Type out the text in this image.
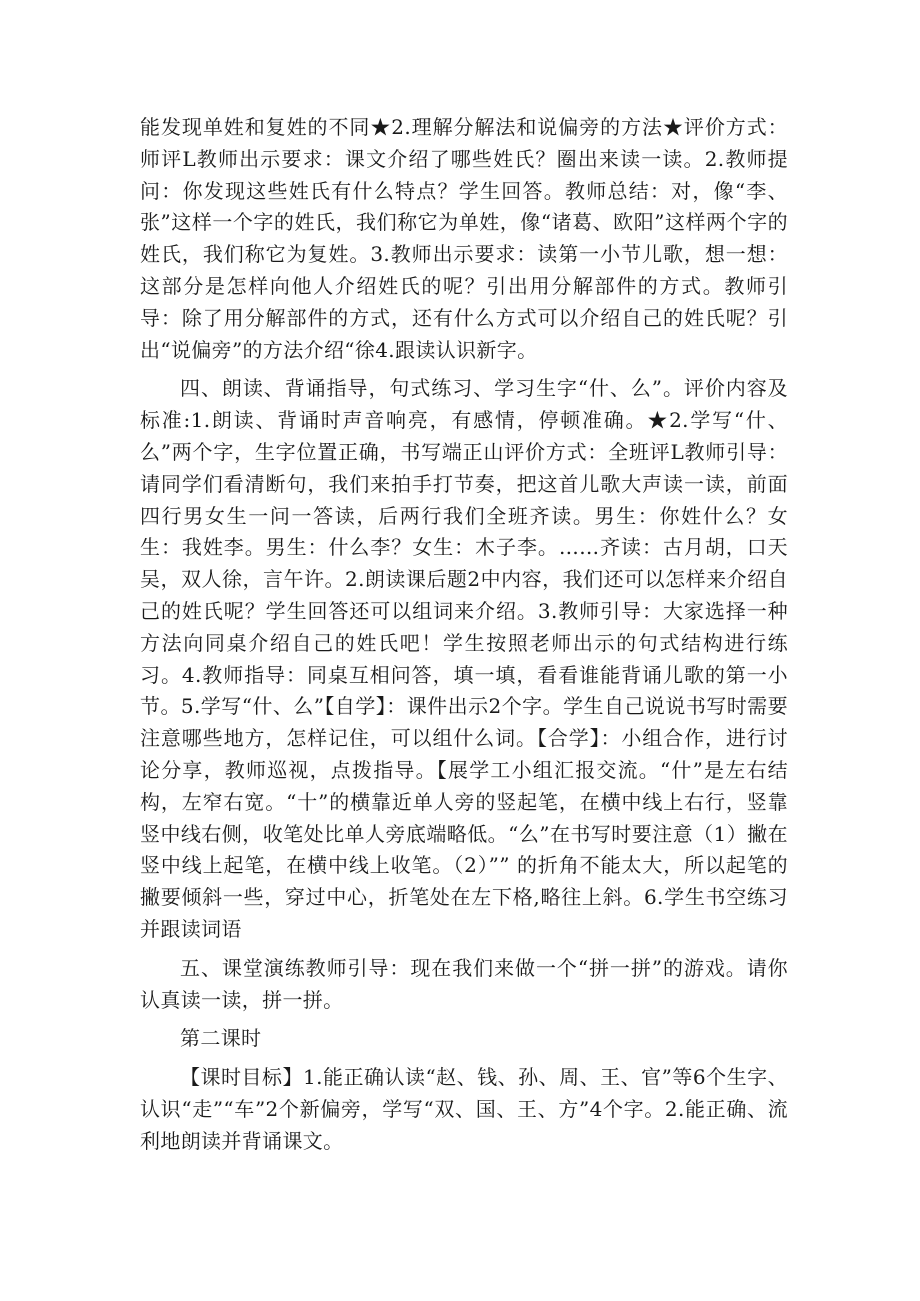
能发现单姓和复姓的不同★2.理解分解法和说偏旁的方法★评价方式：师评L教师出示要求：课文介绍了哪些姓氏？圈出来读一读。2.教师提问：你发现这些姓氏有什么特点？学生回答。教师总结：对，像“李、张”这样一个字的姓氏，我们称它为单姓，像“诸葛、欧阳”这样两个字的姓氏，我们称它为复姓。3.教师出示要求：读第一小节儿歌，想一想：这部分是怎样向他人介绍姓氏的呢？引出用分解部件的方式。教师引导：除了用分解部件的方式，还有什么方式可以介绍自己的姓氏呢？引出“说偏旁”的方法介绍“徐4.跟读认识新字。

四、朗读、背诵指导，句式练习、学习生字“什、么”。评价内容及标准:1.朗读、背诵时声音响亮，有感情，停顿准确。★2.学写“什、么”两个字，生字位置正确，书写端正山评价方式：全班评L教师引导：请同学们看清断句，我们来拍手打节奏，把这首儿歌大声读一读，前面四行男女生一问一答读，后两行我们全班齐读。男生：你姓什么？女生：我姓李。男生：什么李？女生：木子李。……齐读：古月胡，口天吴，双人徐，言午许。2.朗读课后题2中内容，我们还可以怎样来介绍自己的姓氏呢？学生回答还可以组词来介绍。3.教师引导：大家选择一种方法向同桌介绍自己的姓氏吧！学生按照老师出示的句式结构进行练习。4.教师指导：同桌互相问答，填一填，看看谁能背诵儿歌的第一小节。5.学写“什、么”【自学】：课件出示2个字。学生自己说说书写时需要注意哪些地方，怎样记住，可以组什么词。【合学】：小组合作，进行讨论分享，教师巡视，点拨指导。【展学工小组汇报交流。“什”是左右结构，左窄右宽。“十”的横靠近单人旁的竖起笔，在横中线上右行，竖靠竖中线右侧，收笔处比单人旁底端略低。“么”在书写时要注意（1）撇在竖中线上起笔，在横中线上收笔。（2）”” 的折角不能太大，所以起笔的撇要倾斜一些，穿过中心，折笔处在左下格,略往上斜。6.学生书空练习并跟读词语

五、课堂演练教师引导：现在我们来做一个“拼一拼”的游戏。请你认真读一读，拼一拼。

第二课时

【课时目标】1.能正确认读“赵、钱、孙、周、王、官”等6个生字、认识“走”“车”2个新偏旁，学写“双、国、王、方”4个字。2.能正确、流利地朗读并背诵课文。
